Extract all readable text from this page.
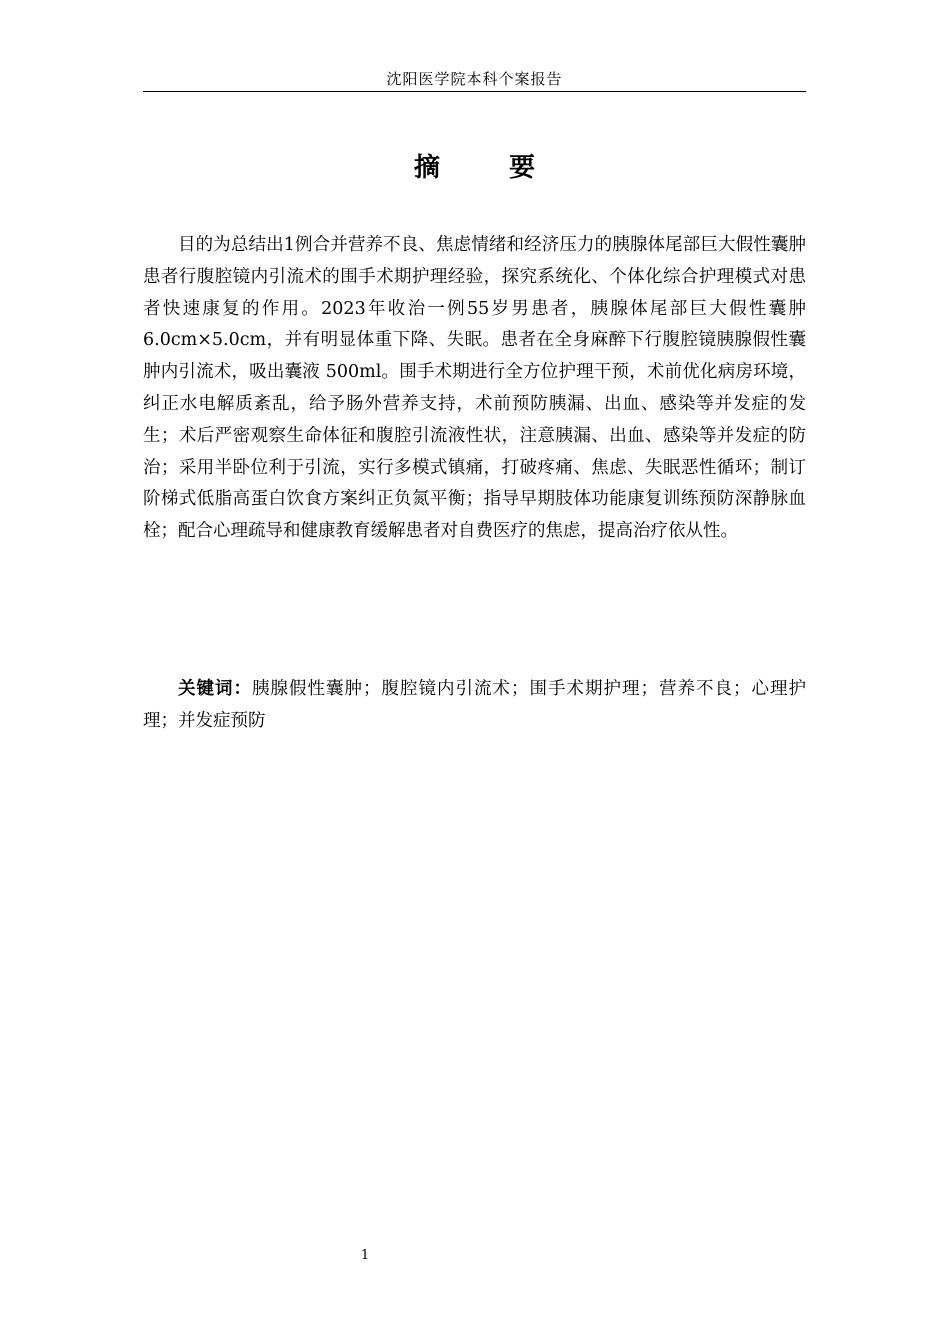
沈阳医学院本科个案报告
摘 要

目的为总结出1例合并营养不良、焦虑情绪和经济压力的胰腺体尾部巨大假性囊肿患者行腹腔镜内引流术的围手术期护理经验，探究系统化、个体化综合护理模式对患者快速康复的作用。2023年收治一例55岁男患者，胰腺体尾部巨大假性囊肿6.0cm×5.0cm，并有明显体重下降、失眠。患者在全身麻醉下行腹腔镜胰腺假性囊肿内引流术，吸出囊液 500ml。围手术期进行全方位护理干预，术前优化病房环境，纠正水电解质紊乱，给予肠外营养支持，术前预防胰漏、出血、感染等并发症的发生；术后严密观察生命体征和腹腔引流液性状，注意胰漏、出血、感染等并发症的防治；采用半卧位利于引流，实行多模式镇痛，打破疼痛、焦虑、失眠恶性循环；制订阶梯式低脂高蛋白饮食方案纠正负氮平衡；指导早期肢体功能康复训练预防深静脉血栓；配合心理疏导和健康教育缓解患者对自费医疗的焦虑，提高治疗依从性。

关键词：胰腺假性囊肿；腹腔镜内引流术；围手术期护理；营养不良；心理护理；并发症预防

1
